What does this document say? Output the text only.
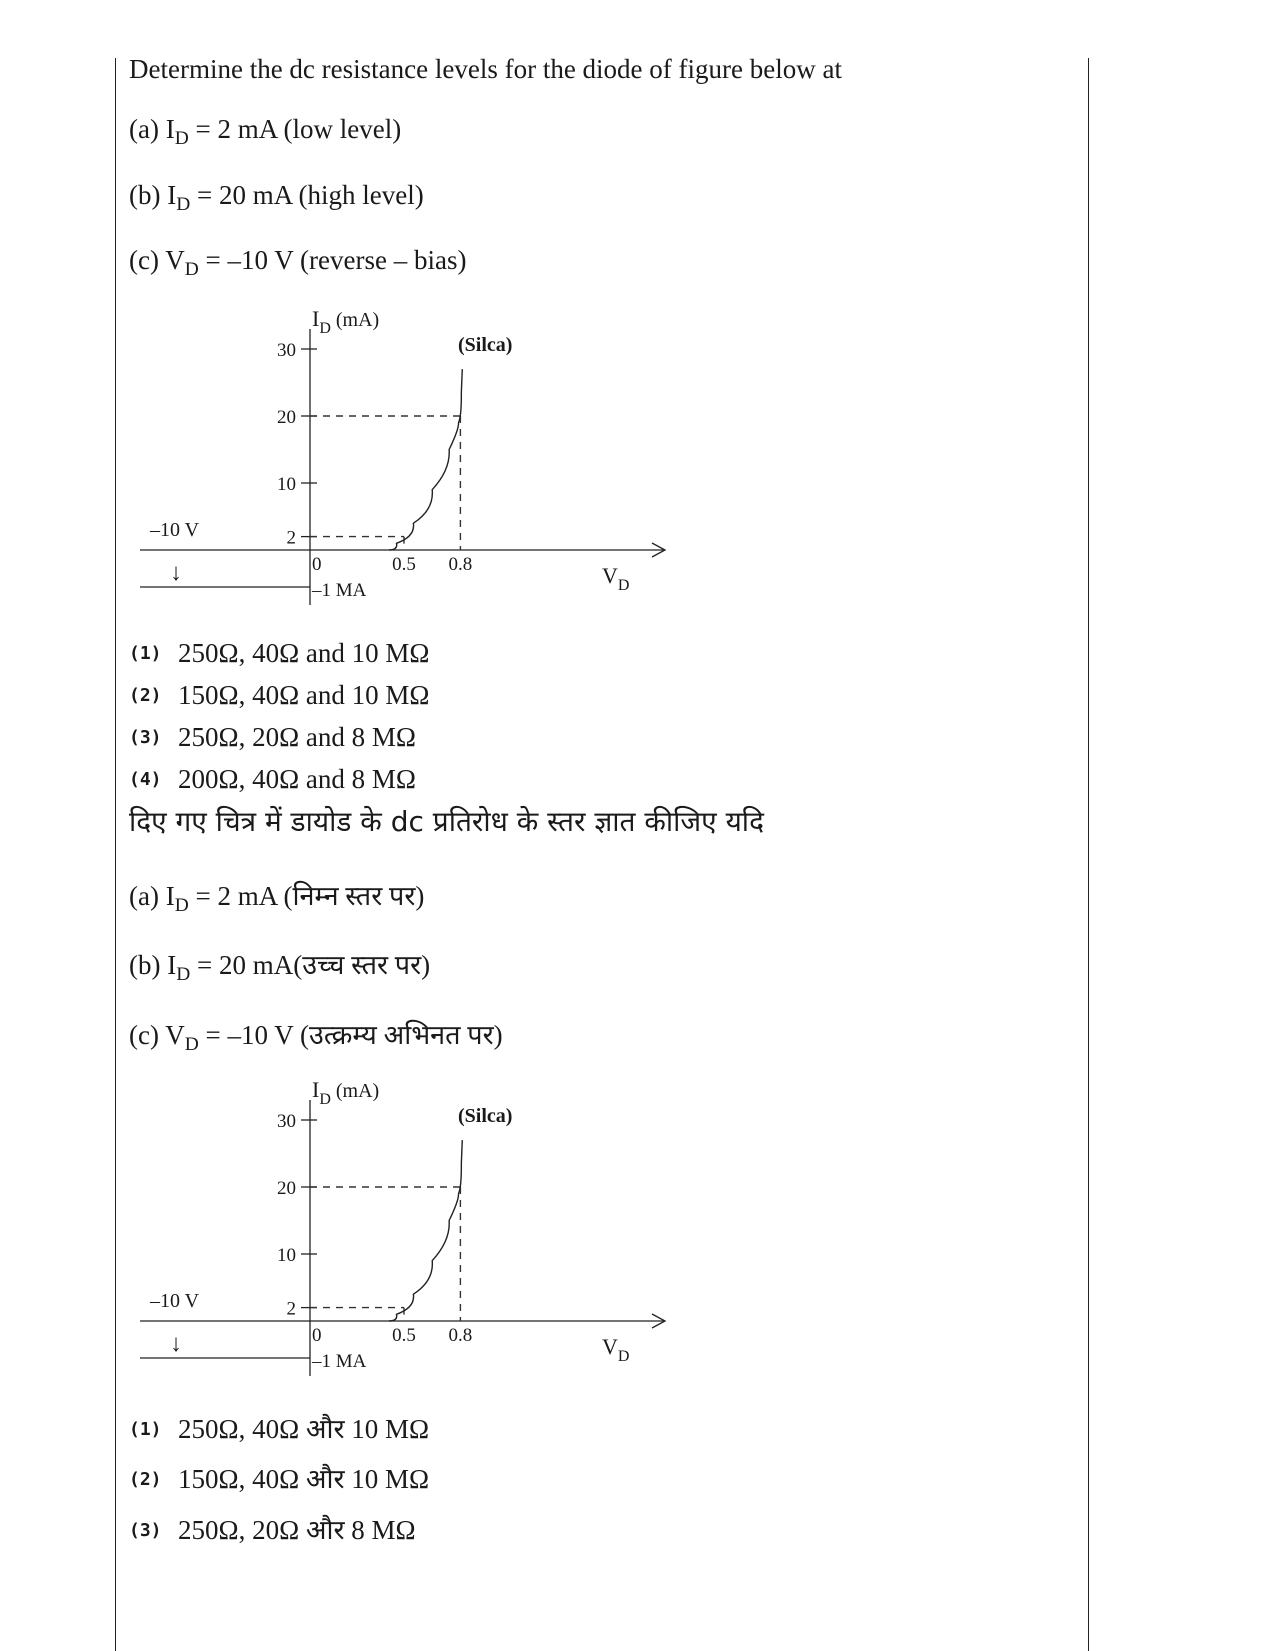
Determine the dc resistance levels for the diode of figure below at
(a) $I_D = 2$ mA (low level)
(b) $I_D = 20$ mA (high level)
(c) $V_D = -10$ V (reverse – bias)
$I_D$ (mA)
$V_D$
(Silca)
30
20
10
2
0	0.5 0.8
–10 V
↓
–1 MA
(1) 250Ω, 40Ω and 10 MΩ
(2) 150Ω, 40Ω and 10 MΩ
(3) 250Ω, 20Ω and 8 MΩ
(4) 200Ω, 40Ω and 8 MΩ
दिए गए चित्र में डायोड के dc प्रतिरोध के स्तर ज्ञात कीजिए यदि
(a) $I_D = 2$ mA (निम्न स्तर पर)
(b) $I_D = 20$ mA(उच्च स्तर पर)
(c) $V_D = -10$ V (उत्क्रम्य अभिनत पर)
$I_D$ (mA)
$V_D$
(Silca)
30
20
10
2
0	0.5 0.8
–10 V
↓
–1 MA
(1) 250Ω, 40Ω और 10 MΩ
(2) 150Ω, 40Ω और 10 MΩ
(3) 250Ω, 20Ω और 8 MΩ
